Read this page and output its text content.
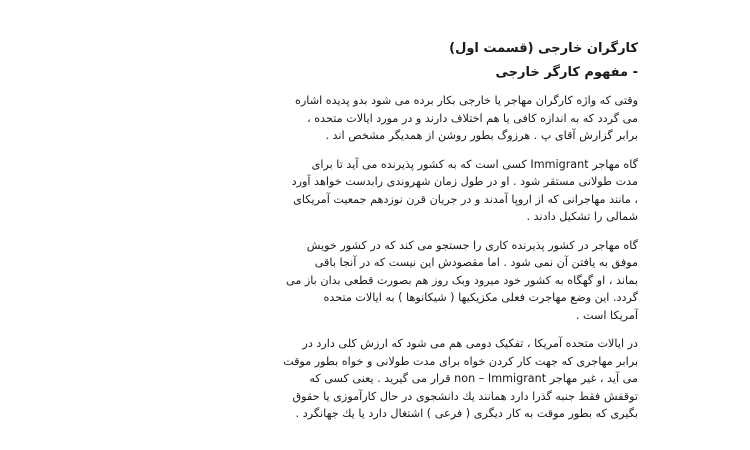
کارگران خارجی (قسمت اول)

- مفهوم کارگر خارجی

وقتی که واژه کارگران مهاجر یا خارجی بکار برده می شود بدو پدیده اشاره
می گردد که به اندازه کافی یا هم اختلاف دارند و در مورد ایالات متحده ،
برابر گزارش آقای پ . هرزوگ بطور روشن از همدیگر مشخص اند .
گاه مهاجر Immigrant کسی است که به کشور پذیرنده می آید تا برای
مدت طولانی مستقر شود . او در طول زمان شهروندی رابدست خواهد آورد
، مانند مهاجرانی که از اروپا آمدند و در جریان قرن نوزدهم جمعیت آمریکای
شمالی را تشکیل دادند .
گاه مهاجر در کشور پذیرنده کاری را جستجو می کند که در کشور خویش
موفق به یافتن آن نمی شود . اما مقصودش این نیست که در آنجا باقی
بماند ، او گهگاه به کشور خود میرود وبک روز هم بصورت قطعی بدان باز می
گردد. این وضع مهاجرت فعلی مکزیکیها ( شیکانوها ) به ایالات متحده
آمریکا است .
در ایالات متحده آمریکا ، تفکیک دومی هم می شود که ارزش کلی دارد در
برابر مهاجری که جهت کار کردن خواه برای مدت طولانی و خواه بطور موقت
می آید ، غیر مهاجر non – Immigrant قرار می گیرید . یعنی کسی که
توقفش فقط جنبه گذرا دارد همانند یك دانشجوی در حال کارآموزی یا حقوق
بگیری که بطور موقت به کار دیگری ( فرعی ) اشتغال دارد یا یك جهانگرد .
